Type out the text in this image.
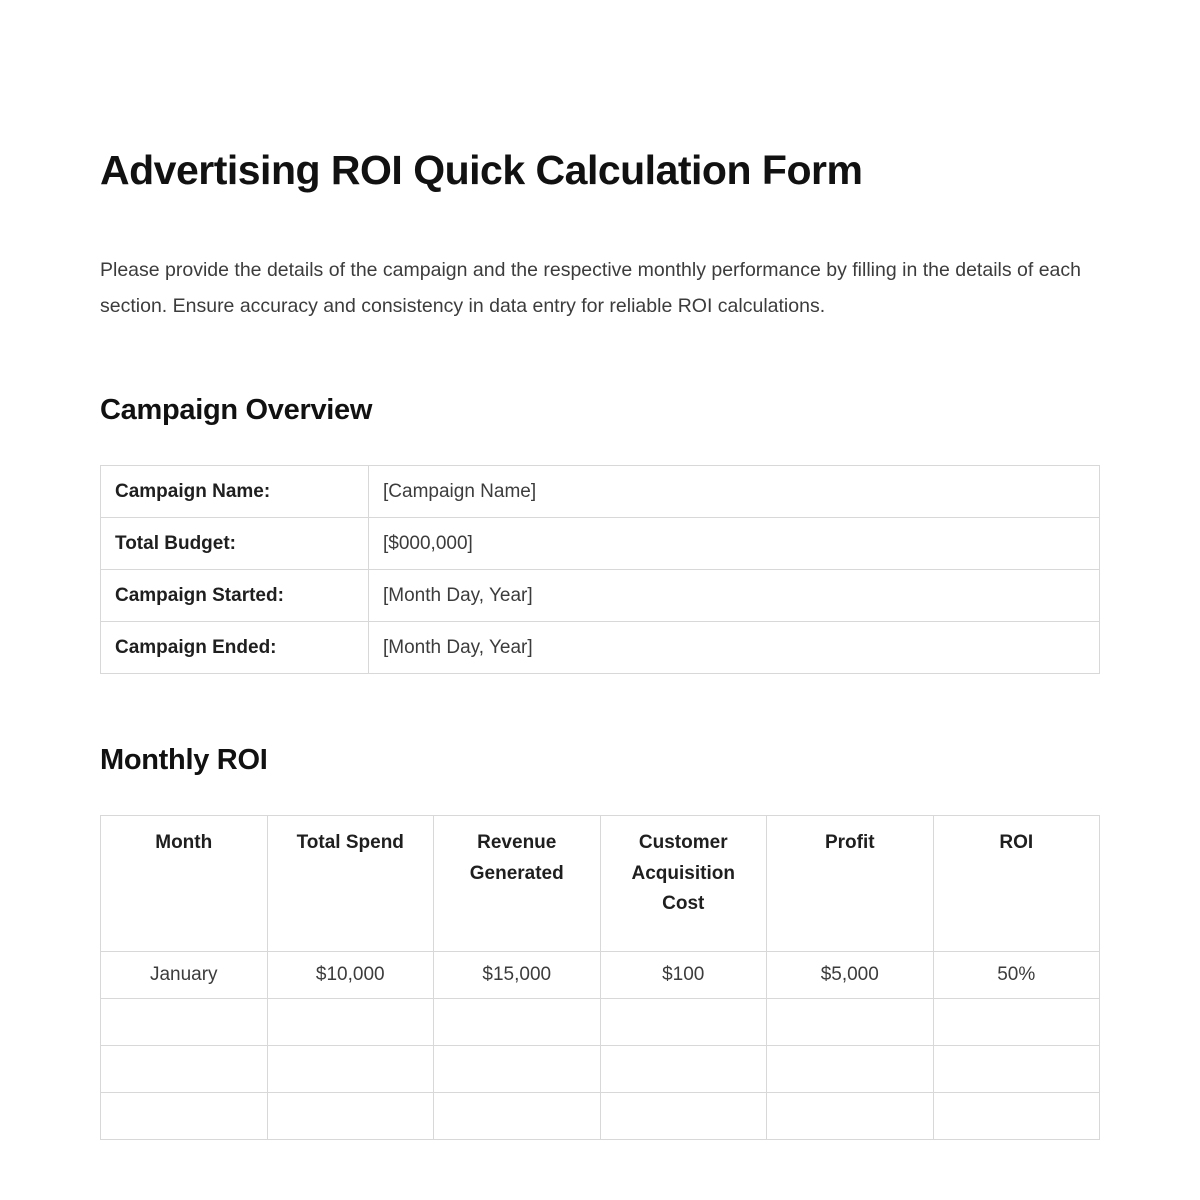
Advertising ROI Quick Calculation Form

Please provide the details of the campaign and the respective monthly performance by filling in the details of each section. Ensure accuracy and consistency in data entry for reliable ROI calculations.

Campaign Overview
Campaign Name:	[Campaign Name]
Total Budget:	[$000,000]
Campaign Started:	[Month Day, Year]
Campaign Ended:	[Month Day, Year]
Monthly ROI
Month	Total Spend	Revenue Generated	Customer Acquisition Cost	Profit	ROI
January	$10,000	$15,000	$100	$5,000	50%
